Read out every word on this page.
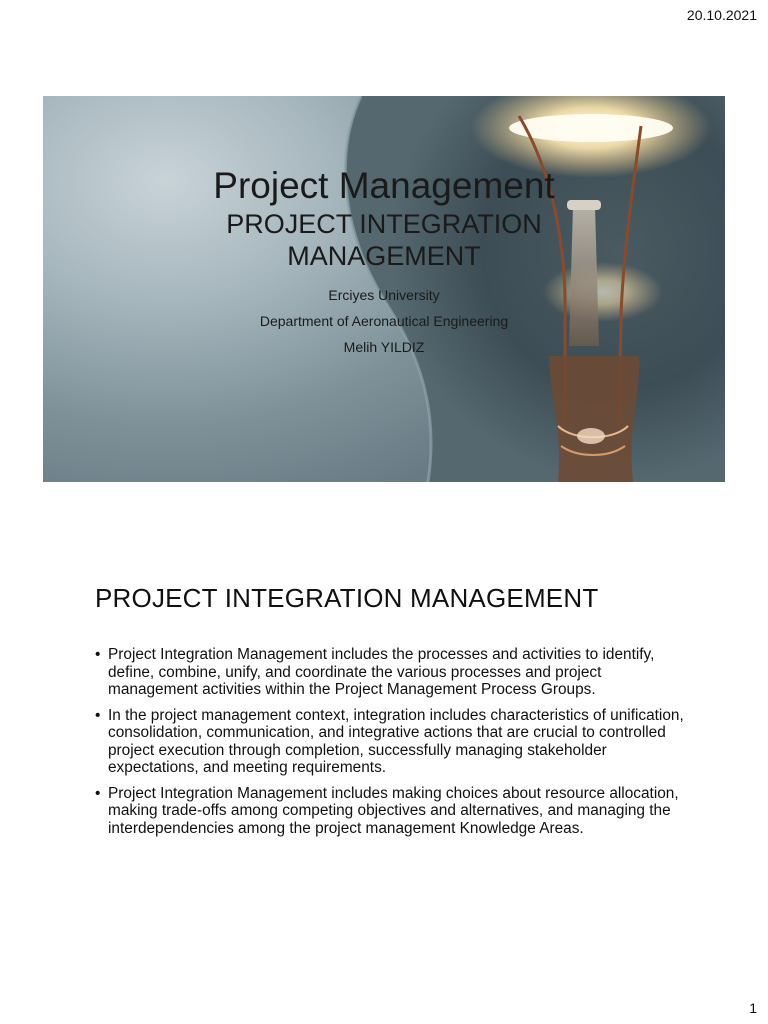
20.10.2021
Project Management
PROJECT INTEGRATION
MANAGEMENT
Erciyes University
Department of Aeronautical Engineering
Melih YILDIZ
PROJECT INTEGRATION MANAGEMENT
• Project Integration Management includes the processes and activities to identify, define, combine, unify, and coordinate the various processes and project management activities within the Project Management Process Groups.
• In the project management context, integration includes characteristics of unification, consolidation, communication, and integrative actions that are crucial to controlled project execution through completion, successfully managing stakeholder expectations, and meeting requirements.
• Project Integration Management includes making choices about resource allocation, making trade-offs among competing objectives and alternatives, and managing the interdependencies among the project management Knowledge Areas.
1
